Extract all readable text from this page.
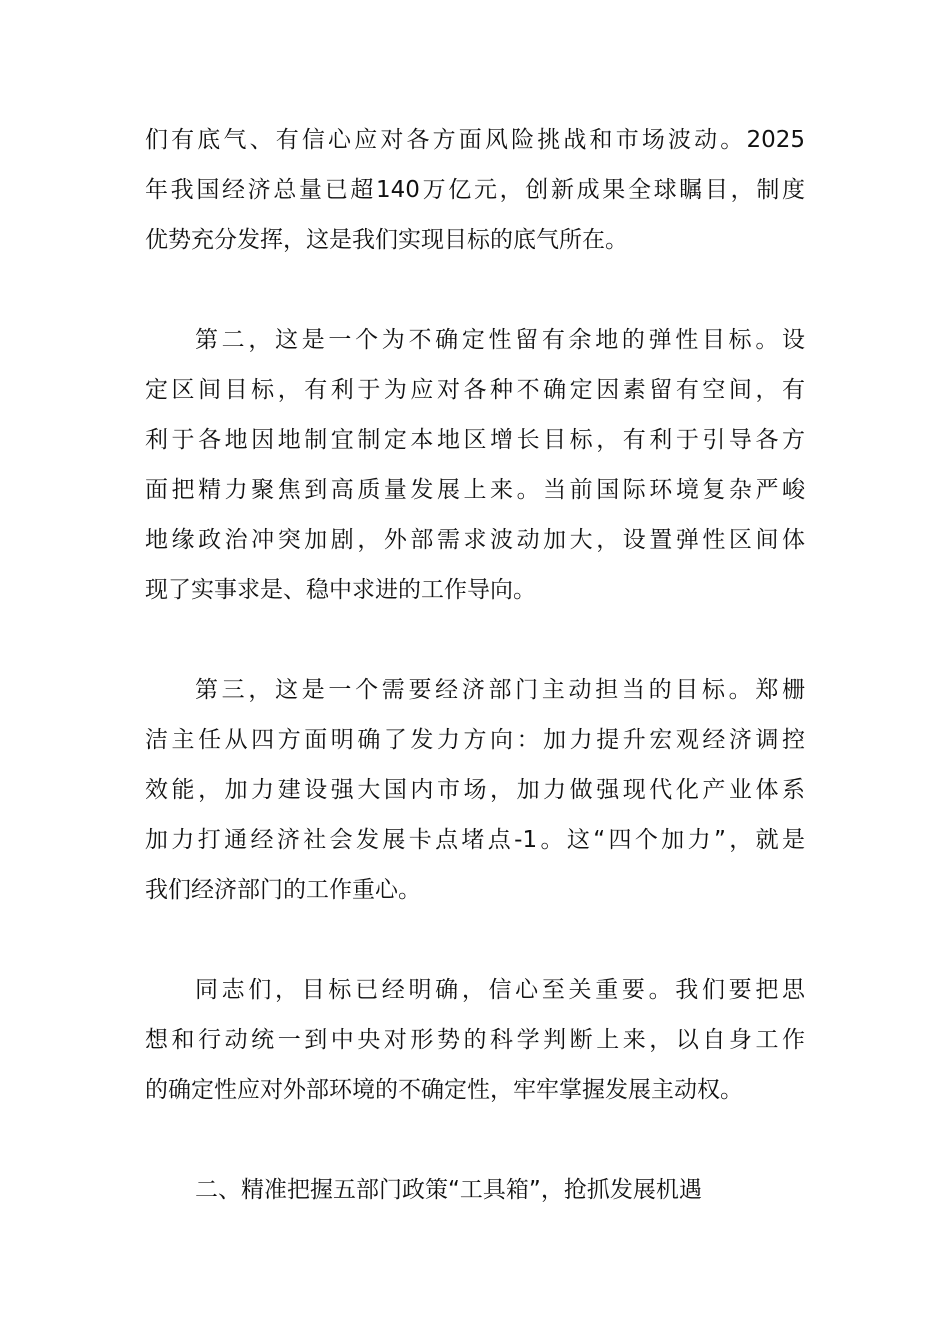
们有底气、有信心应对各方面风险挑战和市场波动。2025
年我国经济总量已超140万亿元，创新成果全球瞩目，制度
优势充分发挥，这是我们实现目标的底气所在。
第二，这是一个为不确定性留有余地的弹性目标。设
定区间目标，有利于为应对各种不确定因素留有空间，有
利于各地因地制宜制定本地区增长目标，有利于引导各方
面把精力聚焦到高质量发展上来。当前国际环境复杂严峻
地缘政治冲突加剧，外部需求波动加大，设置弹性区间体
现了实事求是、稳中求进的工作导向。
第三，这是一个需要经济部门主动担当的目标。郑栅
洁主任从四方面明确了发力方向：加力提升宏观经济调控
效能，加力建设强大国内市场，加力做强现代化产业体系
加力打通经济社会发展卡点堵点-1。这“四个加力”，就是
我们经济部门的工作重心。
同志们，目标已经明确，信心至关重要。我们要把思
想和行动统一到中央对形势的科学判断上来，以自身工作
的确定性应对外部环境的不确定性，牢牢掌握发展主动权。
二、精准把握五部门政策“工具箱”，抢抓发展机遇
